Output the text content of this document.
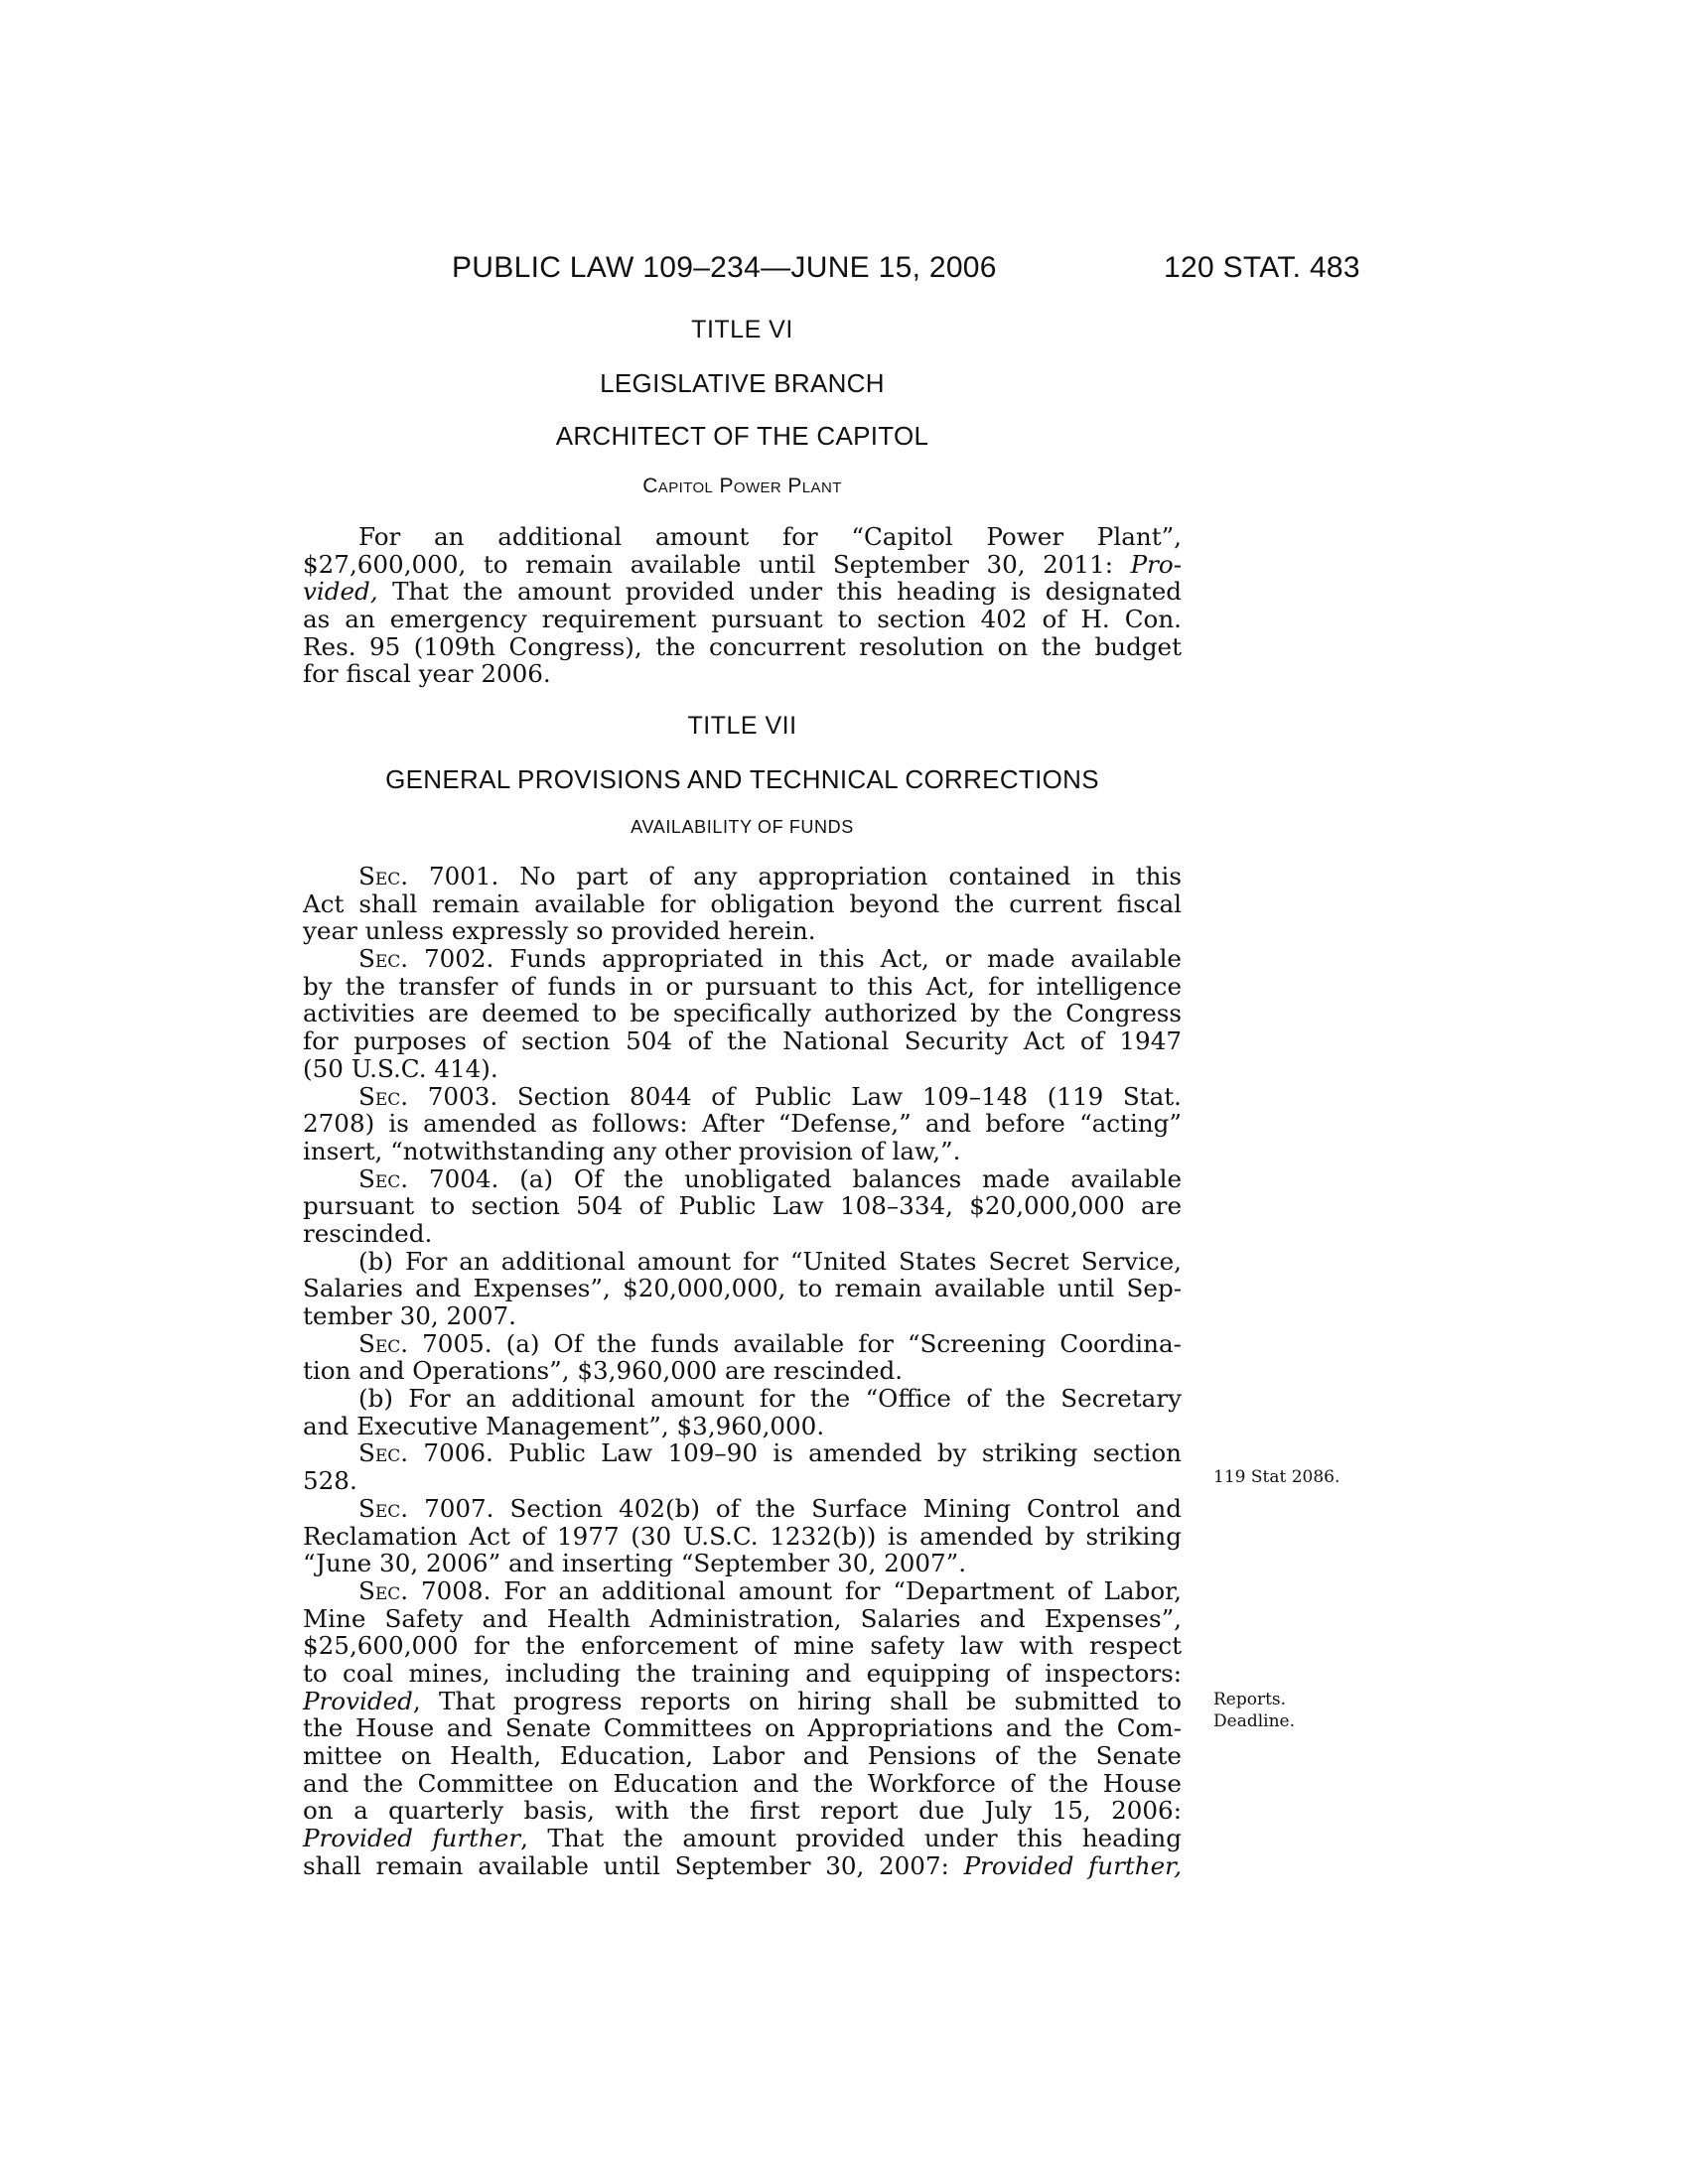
PUBLIC LAW 109–234—JUNE 15, 2006	120 STAT. 483
TITLE VI
LEGISLATIVE BRANCH
ARCHITECT OF THE CAPITOL
Capitol Power Plant
For an additional amount for “Capitol Power Plant”,
$27,600,000, to remain available until September 30, 2011: Pro-
vided, That the amount provided under this heading is designated
as an emergency requirement pursuant to section 402 of H. Con.
Res. 95 (109th Congress), the concurrent resolution on the budget
for fiscal year 2006.
TITLE VII
GENERAL PROVISIONS AND TECHNICAL CORRECTIONS
AVAILABILITY OF FUNDS
Sec. 7001. No part of any appropriation contained in this
Act shall remain available for obligation beyond the current fiscal
year unless expressly so provided herein.
Sec. 7002. Funds appropriated in this Act, or made available
by the transfer of funds in or pursuant to this Act, for intelligence
activities are deemed to be specifically authorized by the Congress
for purposes of section 504 of the National Security Act of 1947
(50 U.S.C. 414).
Sec. 7003. Section 8044 of Public Law 109–148 (119 Stat.
2708) is amended as follows: After “Defense,” and before “acting”
insert, “notwithstanding any other provision of law,”.
Sec. 7004. (a) Of the unobligated balances made available
pursuant to section 504 of Public Law 108–334, $20,000,000 are
rescinded.
(b) For an additional amount for “United States Secret Service,
Salaries and Expenses”, $20,000,000, to remain available until Sep-
tember 30, 2007.
Sec. 7005. (a) Of the funds available for “Screening Coordina-
tion and Operations”, $3,960,000 are rescinded.
(b) For an additional amount for the “Office of the Secretary
and Executive Management”, $3,960,000.
Sec. 7006. Public Law 109–90 is amended by striking section
528.
Sec. 7007. Section 402(b) of the Surface Mining Control and
Reclamation Act of 1977 (30 U.S.C. 1232(b)) is amended by striking
“June 30, 2006” and inserting “September 30, 2007”.
Sec. 7008. For an additional amount for “Department of Labor,
Mine Safety and Health Administration, Salaries and Expenses”,
$25,600,000 for the enforcement of mine safety law with respect
to coal mines, including the training and equipping of inspectors:
Provided, That progress reports on hiring shall be submitted to
the House and Senate Committees on Appropriations and the Com-
mittee on Health, Education, Labor and Pensions of the Senate
and the Committee on Education and the Workforce of the House
on a quarterly basis, with the first report due July 15, 2006:
Provided further, That the amount provided under this heading
shall remain available until September 30, 2007: Provided further,
119 Stat 2086.
Reports.
Deadline.
